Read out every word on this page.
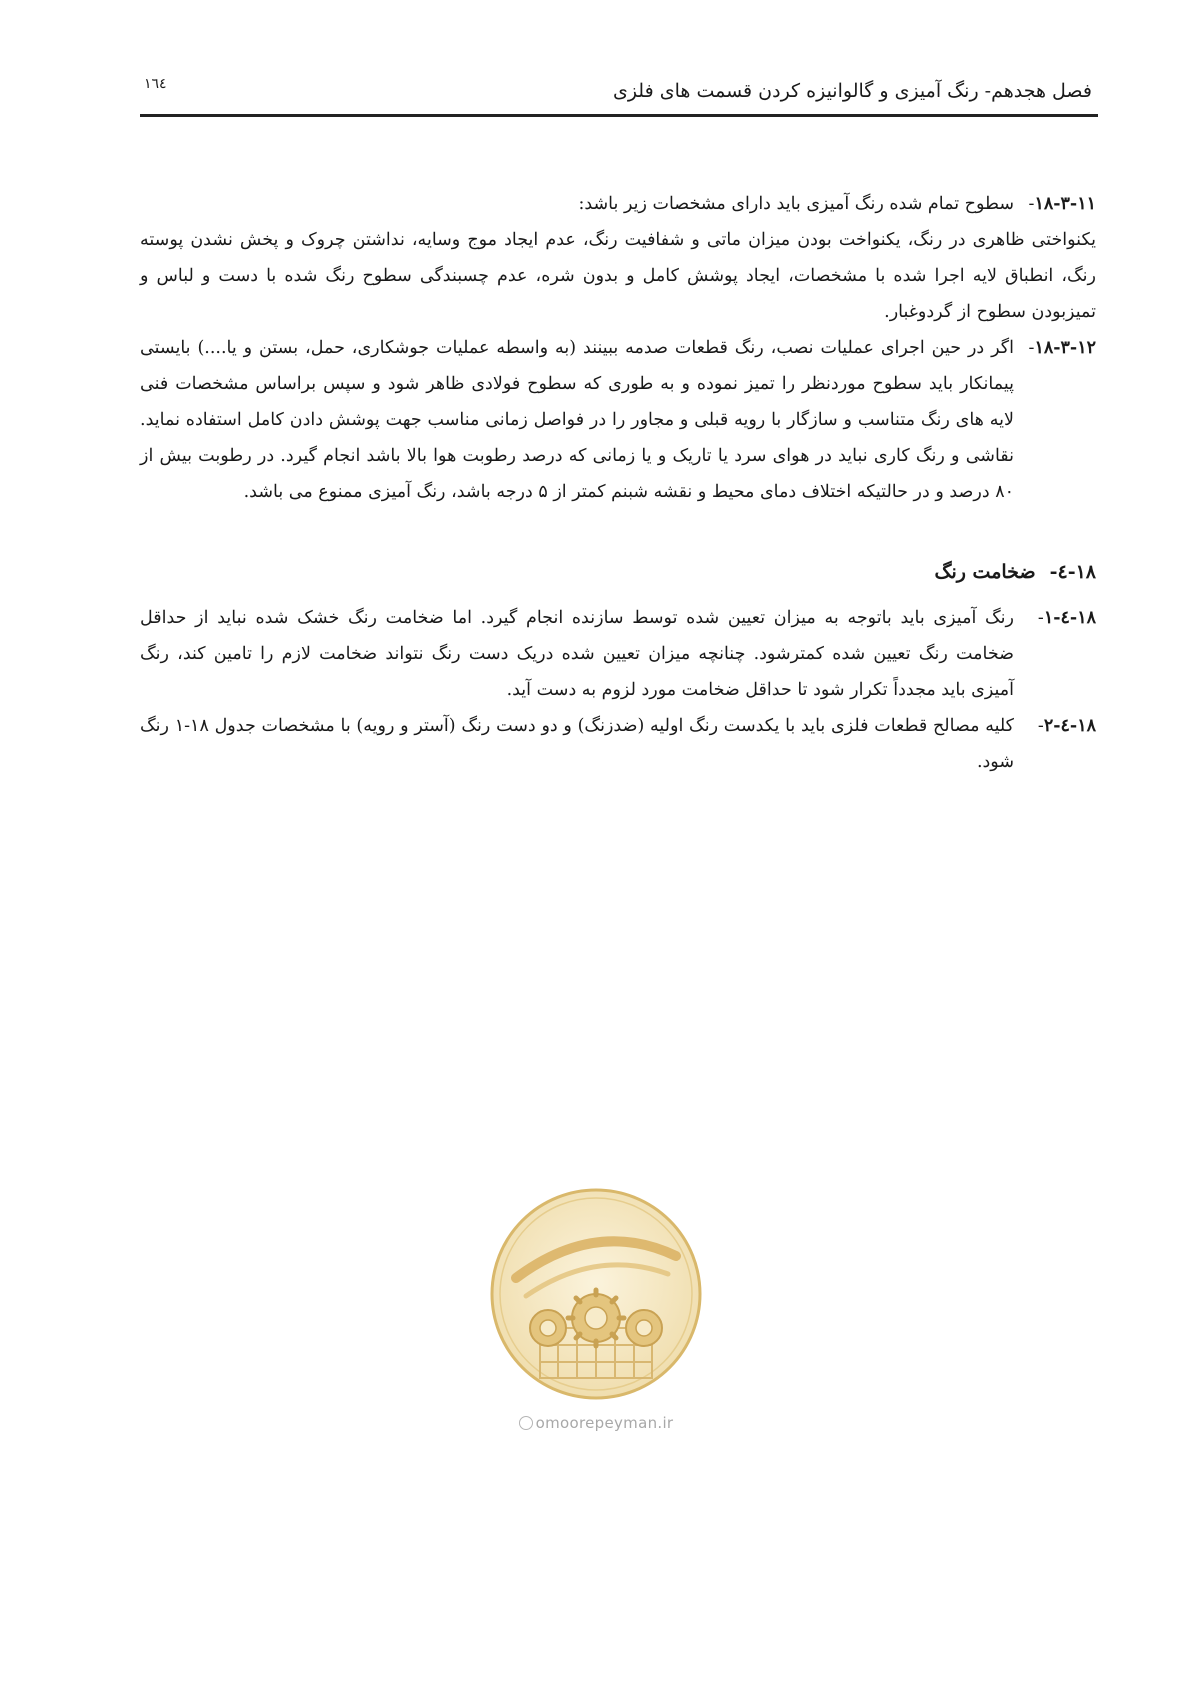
فصل هجدهم- رنگ آمیزی و گالوانیزه کردن قسمت های فلزی
۱٦٤
۱۸-۳-۱۱-
سطوح تمام شده رنگ آمیزی باید دارای مشخصات زیر باشد:
یکنواختی ظاهری در رنگ، یکنواخت بودن میزان ماتی و شفافیت رنگ، عدم ایجاد موج وسایه، نداشتن چروک و پخش نشدن پوسته رنگ، انطباق لایه اجرا شده با مشخصات، ایجاد پوشش کامل و بدون شره، عدم چسبندگی سطوح رنگ شده با دست و لباس و تمیزبودن سطوح از گردوغبار.
۱۸-۳-۱۲-
اگر در حین اجرای عملیات نصب، رنگ قطعات صدمه ببینند (به واسطه عملیات جوشکاری، حمل، بستن و یا....) بایستی پیمانکار باید سطوح موردنظر را تمیز نموده و به طوری که سطوح فولادی ظاهر شود و سپس براساس مشخصات فنی لایه های رنگ متناسب و سازگار با رویه قبلی و مجاور را در فواصل زمانی مناسب جهت پوشش دادن کامل استفاده نماید. نقاشی و رنگ کاری نباید در هوای سرد یا تاریک و یا زمانی که درصد رطوبت هوا بالا باشد انجام گیرد. در رطوبت بیش از ۸۰ درصد و در حالتیکه اختلاف دمای محیط و نقشه شبنم کمتر از ۵ درجه باشد، رنگ آمیزی ممنوع می باشد.
۱۸-٤-ضخامت رنگ
۱۸-٤-۱-
رنگ آمیزی باید باتوجه به میزان تعیین شده توسط سازنده انجام گیرد. اما ضخامت رنگ خشک شده نباید از حداقل ضخامت رنگ تعیین شده کمترشود. چنانچه میزان تعیین شده دریک دست رنگ نتواند ضخامت لازم را تامین کند، رنگ آمیزی باید مجدداً تکرار شود تا حداقل ضخامت مورد لزوم به دست آید.
۱۸-٤-۲-
کلیه مصالح قطعات فلزی باید با یکدست رنگ اولیه (ضدزنگ) و دو دست رنگ (آستر و رویه) با مشخصات جدول ۱۸-۱ رنگ شود.
omoorepeyman.ir
